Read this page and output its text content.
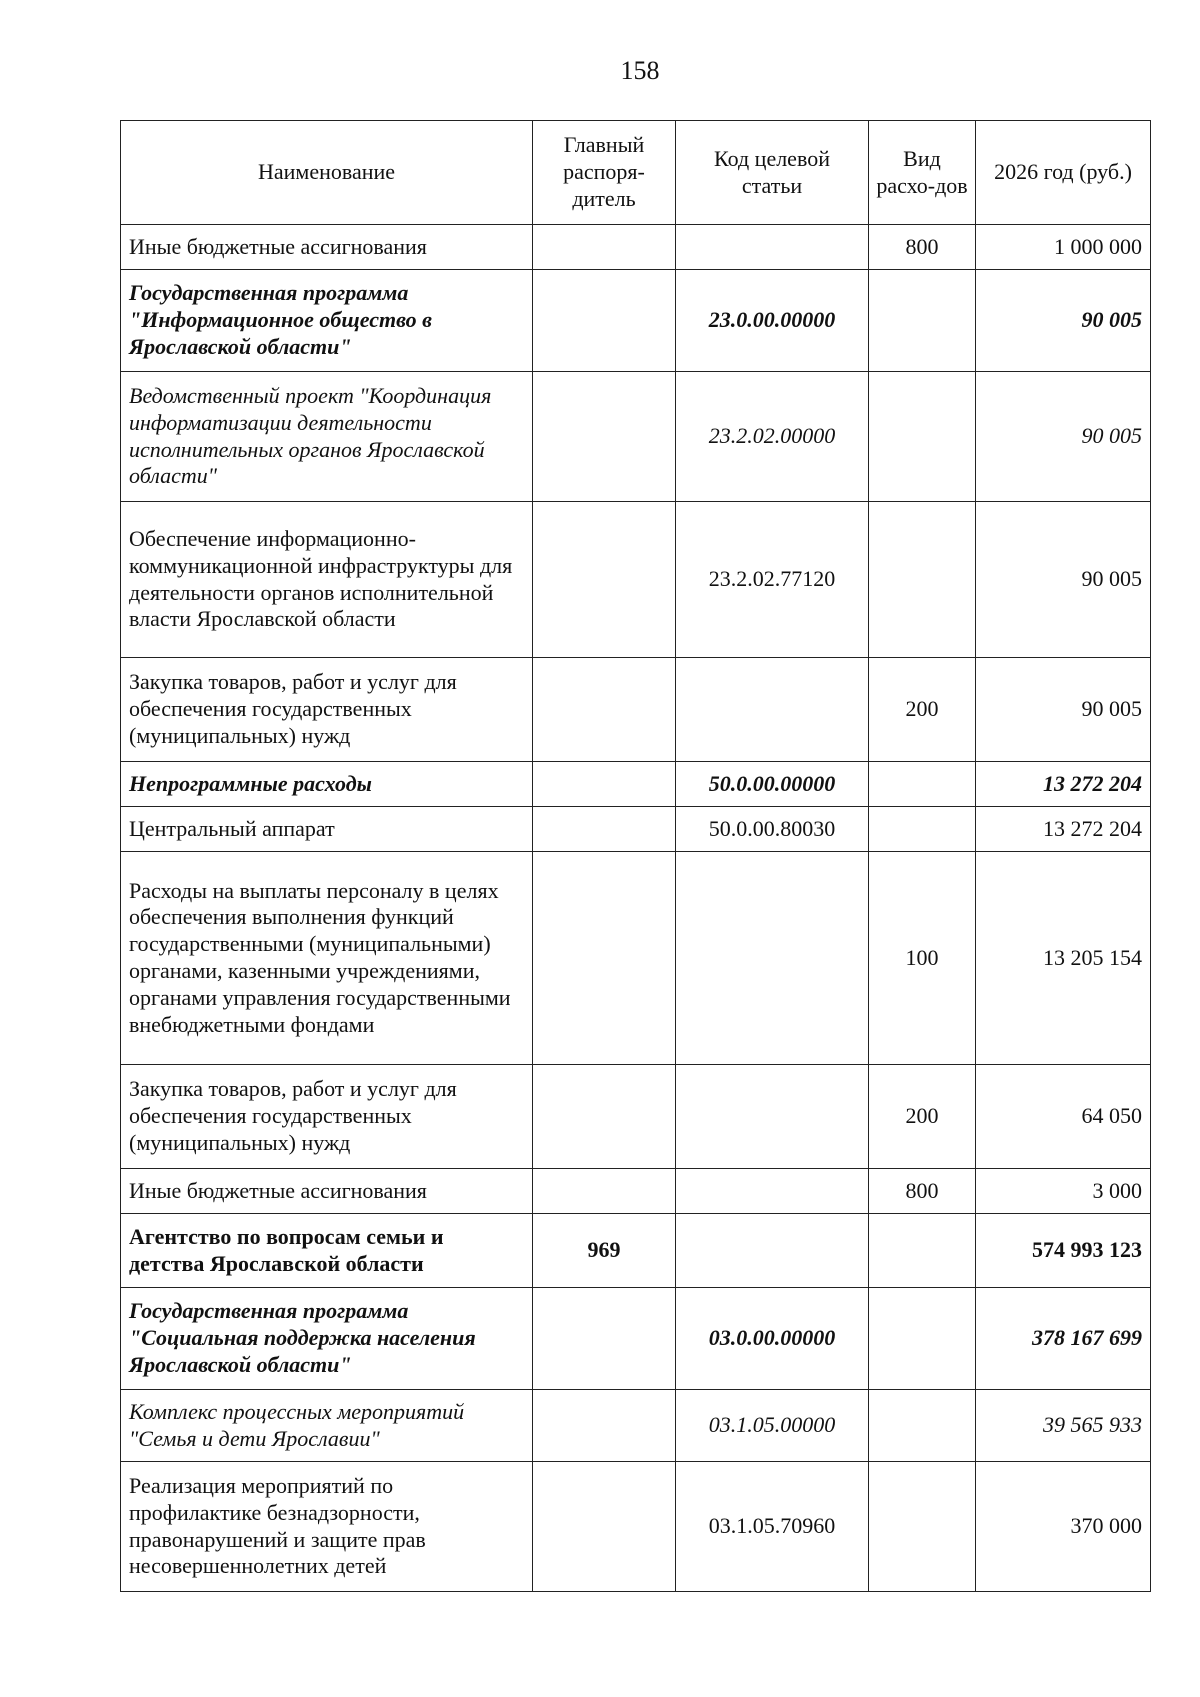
158
Наименование	Главный распоря-дитель	Код целевой статьи	Вид расхо-дов	2026 год (руб.)
Иные бюджетные ассигнования			800	1 000 000
Государственная программа "Информационное общество в Ярославской области"		23.0.00.00000		90 005
Ведомственный проект "Координация информатизации деятельности исполнительных органов Ярославской области"		23.2.02.00000		90 005
Обеспечение информационно-коммуникационной инфраструктуры для деятельности органов исполнительной власти Ярославской области		23.2.02.77120		90 005
Закупка товаров, работ и услуг для обеспечения государственных (муниципальных) нужд			200	90 005
Непрограммные расходы		50.0.00.00000		13 272 204
Центральный аппарат		50.0.00.80030		13 272 204
Расходы на выплаты персоналу в целях обеспечения выполнения функций государственными (муниципальными) органами, казенными учреждениями, органами управления государственными внебюджетными фондами			100	13 205 154
Закупка товаров, работ и услуг для обеспечения государственных (муниципальных) нужд			200	64 050
Иные бюджетные ассигнования			800	3 000
Агентство по вопросам семьи и детства Ярославской области	969			574 993 123
Государственная программа "Социальная поддержка населения Ярославской области"		03.0.00.00000		378 167 699
Комплекс процессных мероприятий "Семья и дети Ярославии"		03.1.05.00000		39 565 933
Реализация мероприятий по профилактике безнадзорности, правонарушений и защите прав несовершеннолетних детей		03.1.05.70960		370 000
